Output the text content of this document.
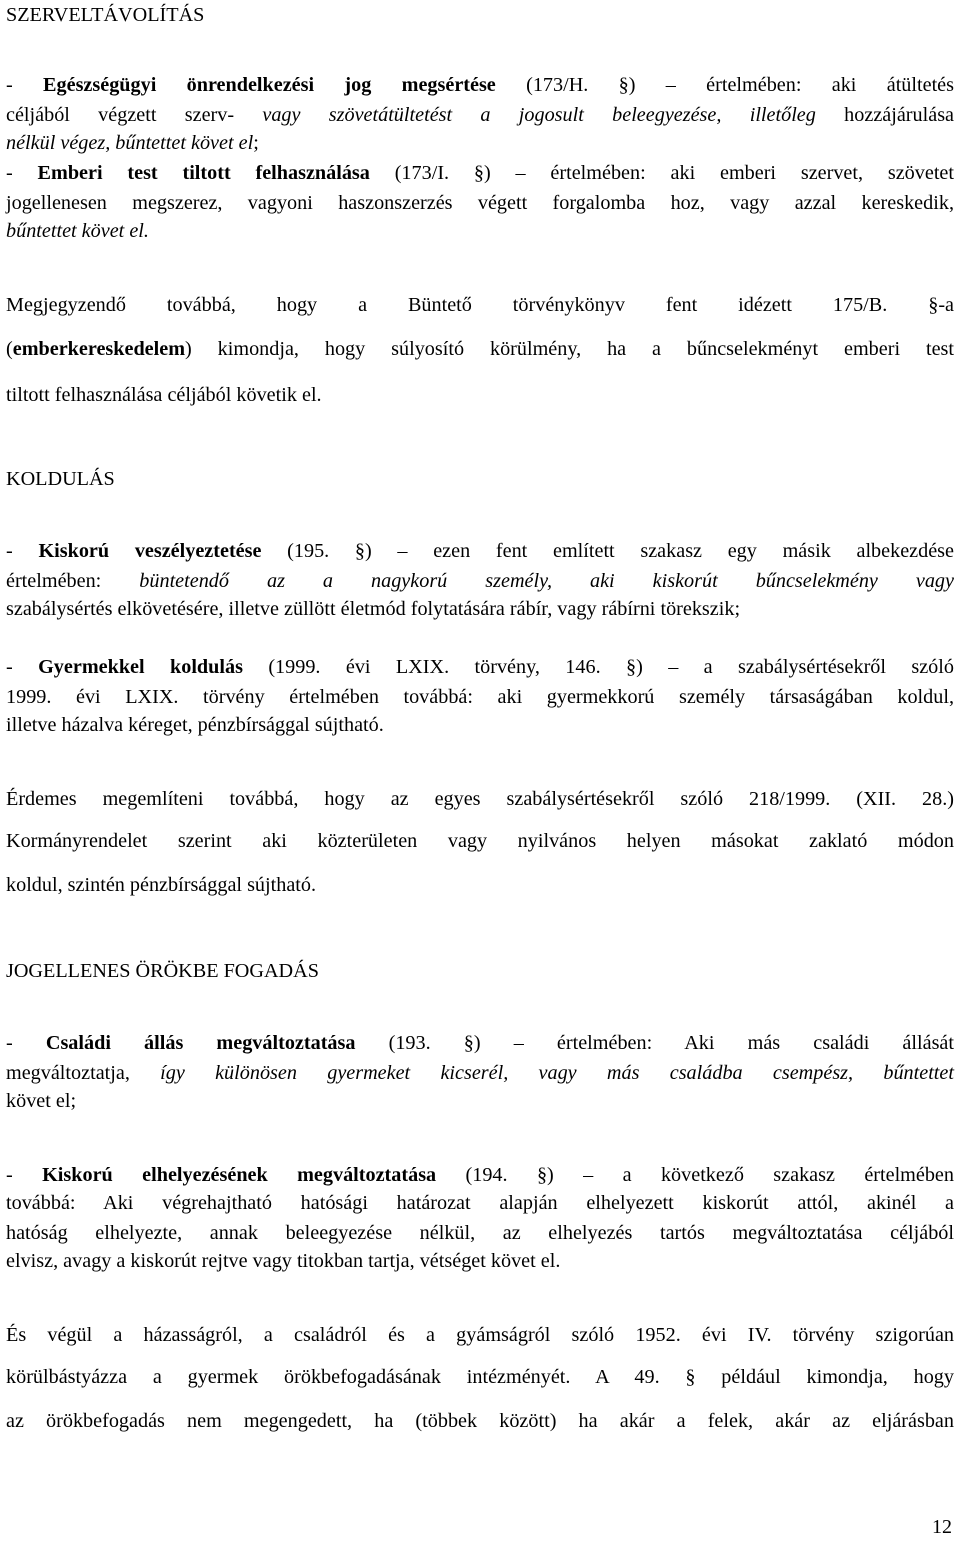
SZERVELTÁVOLÍTÁS
- Egészségügyi önrendelkezési jog megsértése (173/H. §) – értelmében: aki átültetés
céljából végzett szerv- vagy szövetátültetést a jogosult beleegyezése, illetőleg hozzájárulása
nélkül végez, bűntettet követ el;
- Emberi test tiltott felhasználása (173/I. §) – értelmében: aki emberi szervet, szövetet
jogellenesen megszerez, vagyoni haszonszerzés végett forgalomba hoz, vagy azzal kereskedik,
bűntettet követ el.
Megjegyzendő továbbá, hogy a Büntető törvénykönyv fent idézett 175/B. §-a
(emberkereskedelem) kimondja, hogy súlyosító körülmény, ha a bűncselekményt emberi test
tiltott felhasználása céljából követik el.
KOLDULÁS
- Kiskorú veszélyeztetése (195. §) – ezen fent említett szakasz egy másik albekezdése
értelmében: büntetendő az a nagykorú személy, aki kiskorút bűncselekmény vagy
szabálysértés elkövetésére, illetve züllött életmód folytatására rábír, vagy rábírni törekszik;
- Gyermekkel koldulás (1999. évi LXIX. törvény, 146. §) – a szabálysértésekről szóló
1999. évi LXIX. törvény értelmében továbbá: aki gyermekkorú személy társaságában koldul,
illetve házalva kéreget, pénzbírsággal sújtható.
Érdemes megemlíteni továbbá, hogy az egyes szabálysértésekről szóló 218/1999. (XII. 28.)
Kormányrendelet szerint aki közterületen vagy nyilvános helyen másokat zaklató módon
koldul, szintén pénzbírsággal sújtható.
JOGELLENES ÖRÖKBE FOGADÁS
- Családi állás megváltoztatása (193. §) – értelmében: Aki más családi állását
megváltoztatja, így különösen gyermeket kicserél, vagy más családba csempész, bűntettet
követ el;
- Kiskorú elhelyezésének megváltoztatása (194. §) – a következő szakasz értelmében
továbbá: Aki végrehajtható hatósági határozat alapján elhelyezett kiskorút attól, akinél a
hatóság elhelyezte, annak beleegyezése nélkül, az elhelyezés tartós megváltoztatása céljából
elvisz, avagy a kiskorút rejtve vagy titokban tartja, vétséget követ el.
És végül a házasságról, a családról és a gyámságról szóló 1952. évi IV. törvény szigorúan
körülbástyázza a gyermek örökbefogadásának intézményét. A 49. § például kimondja, hogy
az örökbefogadás nem megengedett, ha (többek között) ha akár a felek, akár az eljárásban
12
